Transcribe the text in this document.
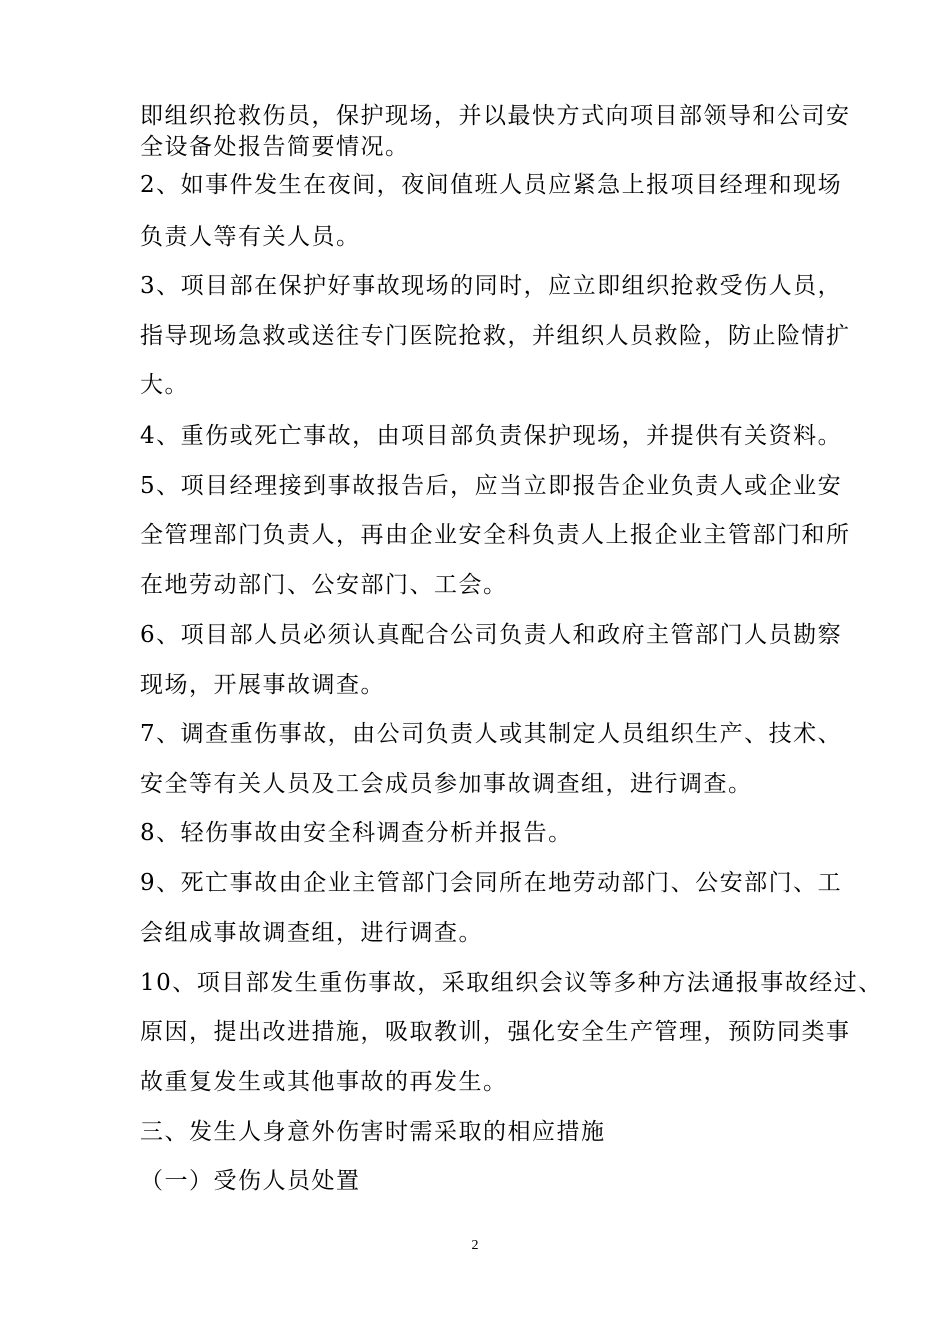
即组织抢救伤员，保护现场，并以最快方式向项目部领导和公司安
全设备处报告简要情况。
2、如事件发生在夜间，夜间值班人员应紧急上报项目经理和现场
负责人等有关人员。
3、项目部在保护好事故现场的同时，应立即组织抢救受伤人员，
指导现场急救或送往专门医院抢救，并组织人员救险，防止险情扩
大。
4、重伤或死亡事故，由项目部负责保护现场，并提供有关资料。
5、项目经理接到事故报告后，应当立即报告企业负责人或企业安
全管理部门负责人，再由企业安全科负责人上报企业主管部门和所
在地劳动部门、公安部门、工会。
6、项目部人员必须认真配合公司负责人和政府主管部门人员勘察
现场，开展事故调查。
7、调查重伤事故，由公司负责人或其制定人员组织生产、技术、
安全等有关人员及工会成员参加事故调查组，进行调查。
8、轻伤事故由安全科调查分析并报告。
9、死亡事故由企业主管部门会同所在地劳动部门、公安部门、工
会组成事故调查组，进行调查。
10、项目部发生重伤事故，采取组织会议等多种方法通报事故经过、
原因，提出改进措施，吸取教训，强化安全生产管理，预防同类事
故重复发生或其他事故的再发生。
三、发生人身意外伤害时需采取的相应措施
（一）受伤人员处置
2
